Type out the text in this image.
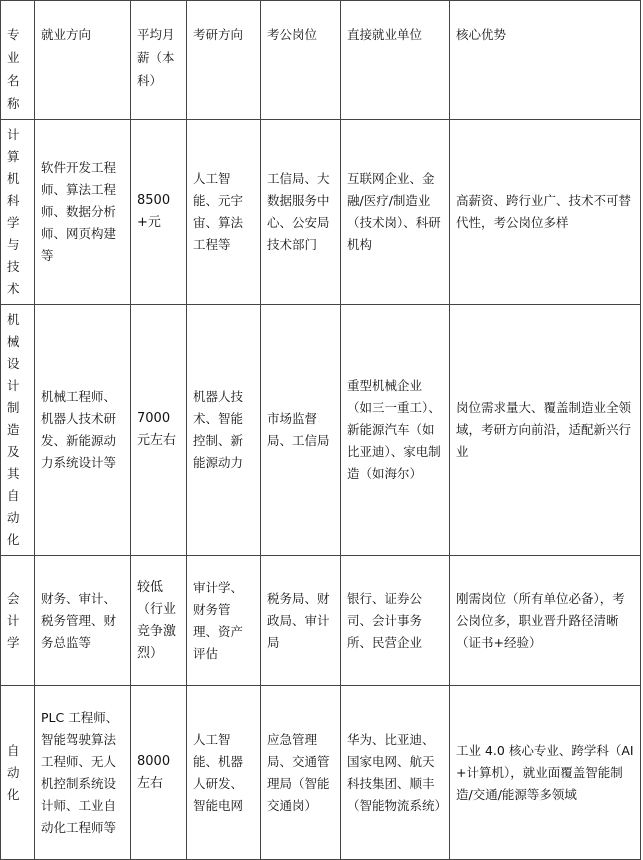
专业名称	就业方向	平均月薪（本科）	考研方向	考公岗位	直接就业单位	核心优势
计算机科学与技术	软件开发工程师、算法工程师、数据分析师、网页构建等	8500+元	人工智能、元宇宙、算法工程等	工信局、大数据服务中心、公安局技术部门	互联网企业、金融/医疗/制造业（技术岗）、科研机构	高薪资、跨行业广、技术不可替代性，考公岗位多样
机械设计制造及其自动化	机械工程师、机器人技术研发、新能源动力系统设计等	7000 元左右	机器人技术、智能控制、新能源动力	市场监督局、工信局	重型机械企业（如三一重工）、新能源汽车（如比亚迪）、家电制造（如海尔）	岗位需求量大、覆盖制造业全领域，考研方向前沿，适配新兴行业
会计学	财务、审计、税务管理、财务总监等	较低（行业竞争激烈）	审计学、财务管理、资产评估	税务局、财政局、审计局	银行、证券公司、会计事务所、民营企业	刚需岗位（所有单位必备），考公岗位多，职业晋升路径清晰（证书+经验）
自动化	PLC 工程师、智能驾驶算法工程师、无人机控制系统设计师、工业自动化工程师等	8000 左右	人工智能、机器人研发、智能电网	应急管理局、交通管理局（智能交通岗）	华为、比亚迪、国家电网、航天科技集团、顺丰（智能物流系统）	工业 4.0 核心专业、跨学科（AI+计算机），就业面覆盖智能制造/交通/能源等多领域
